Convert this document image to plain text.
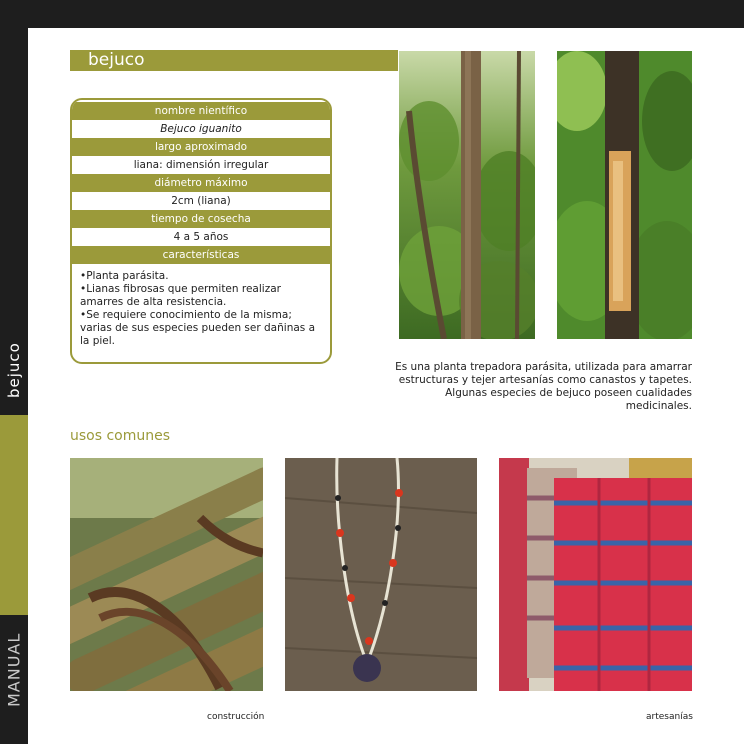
bejuco
MANUAL
bejuco
nombre nientífico
Bejuco iguanito
largo aproximado
liana: dimensión irregular
diámetro máximo
2cm (liana)
tiempo de cosecha
4 a 5 años
características
•Planta parásita.
•Lianas fibrosas que permiten realizar amarres de alta resistencia.
•Se requiere conocimiento de la misma; varias de sus especies pueden ser dañinas a la piel.
Es una planta trepadora parásita, utilizada para amarrar estructuras y tejer artesanías como canastos y tapetes. Algunas especies de bejuco poseen cualidades medicinales.
usos comunes
construcción	artesanías
